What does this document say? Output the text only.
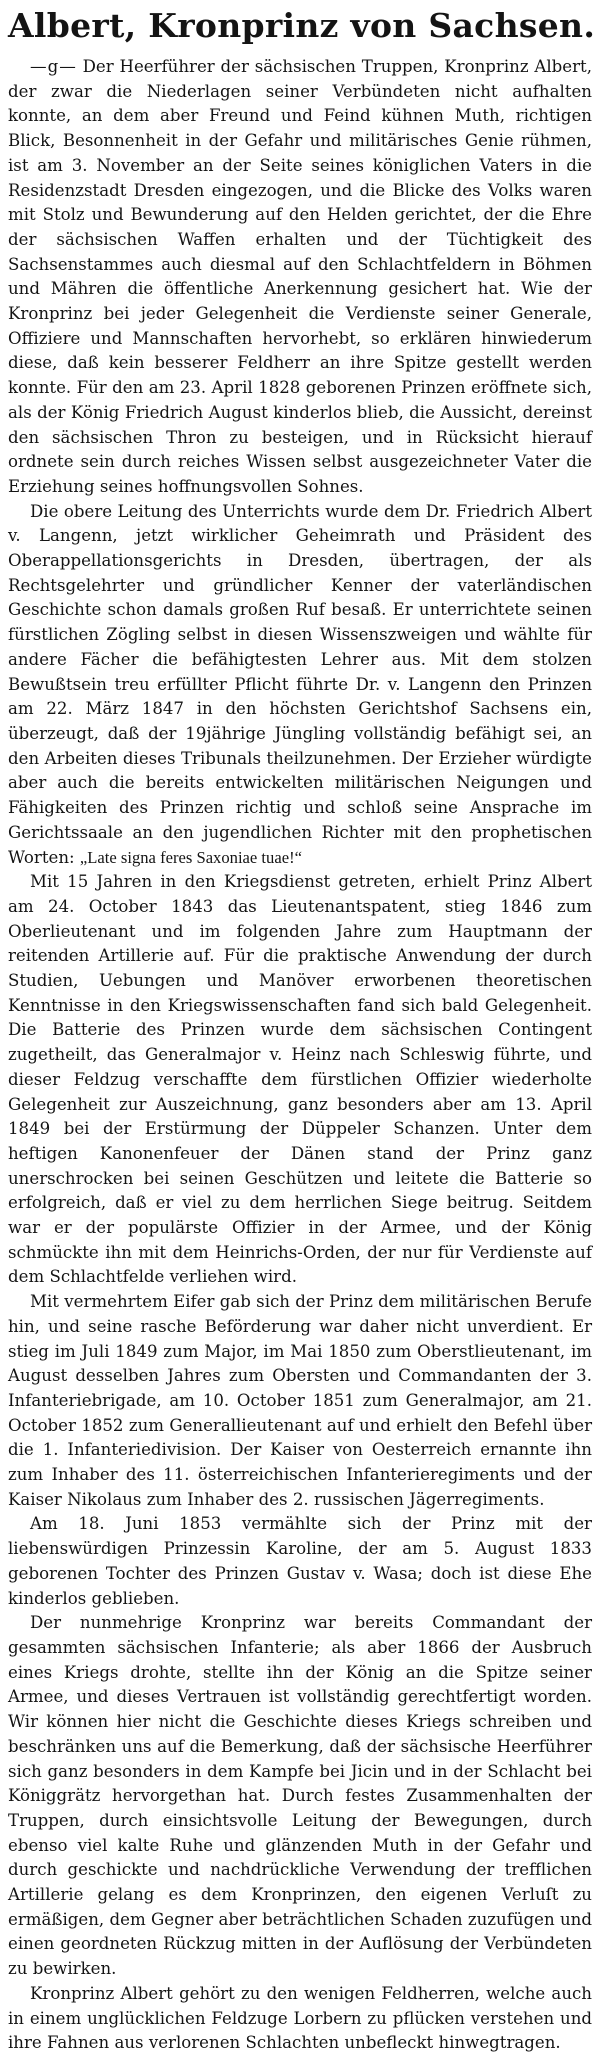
Albert, Kronprinz von Sachsen.

—g— Der Heerführer der sächsischen Truppen, Kronprinz Albert, der zwar die Niederlagen seiner Verbündeten nicht aufhalten konnte, an dem aber Freund und Feind kühnen Muth, richtigen Blick, Besonnenheit in der Gefahr und militärisches Genie rühmen, ist am 3. November an der Seite seines königlichen Vaters in die Residenzstadt Dresden eingezogen, und die Blicke des Volks waren mit Stolz und Bewunderung auf den Helden gerichtet, der die Ehre der sächsischen Waffen erhalten und der Tüchtigkeit des Sachsenstammes auch diesmal auf den Schlachtfeldern in Böhmen und Mähren die öffentliche Anerkennung gesichert hat. Wie der Kronprinz bei jeder Gelegenheit die Verdienste seiner Generale, Offiziere und Mannschaften hervorhebt, so erklären hinwiederum diese, daß kein besserer Feldherr an ihre Spitze gestellt werden konnte. Für den am 23. April 1828 geborenen Prinzen eröffnete sich, als der König Friedrich August kinderlos blieb, die Aussicht, dereinst den sächsischen Thron zu besteigen, und in Rücksicht hierauf ordnete sein durch reiches Wissen selbst ausgezeichneter Vater die Erziehung seines hoffnungsvollen Sohnes.

Die obere Leitung des Unterrichts wurde dem Dr. Friedrich Albert v. Langenn, jetzt wirklicher Geheimrath und Präsident des Oberappellationsgerichts in Dresden, übertragen, der als Rechtsgelehrter und gründlicher Kenner der vaterländischen Geschichte schon damals großen Ruf besaß. Er unterrichtete seinen fürstlichen Zögling selbst in diesen Wissenszweigen und wählte für andere Fächer die befähigtesten Lehrer aus. Mit dem stolzen Bewußtsein treu erfüllter Pflicht führte Dr. v. Langenn den Prinzen am 22. März 1847 in den höchsten Gerichtshof Sachsens ein, überzeugt, daß der 19jährige Jüngling vollständig befähigt sei, an den Arbeiten dieses Tribunals theilzunehmen. Der Erzieher würdigte aber auch die bereits entwickelten militärischen Neigungen und Fähigkeiten des Prinzen richtig und schloß seine Ansprache im Gerichtssaale an den jugendlichen Richter mit den prophetischen Worten: „Late signa feres Saxoniae tuae!“

Mit 15 Jahren in den Kriegsdienst getreten, erhielt Prinz Albert am 24. October 1843 das Lieutenantspatent, stieg 1846 zum Oberlieutenant und im folgenden Jahre zum Hauptmann der reitenden Artillerie auf. Für die praktische Anwendung der durch Studien, Uebungen und Manöver erworbenen theoretischen Kenntnisse in den Kriegswissenschaften fand sich bald Gelegenheit. Die Batterie des Prinzen wurde dem sächsischen Contingent zugetheilt, das Generalmajor v. Heinz nach Schleswig führte, und dieser Feldzug verschaffte dem fürstlichen Offizier wiederholte Gelegenheit zur Auszeichnung, ganz besonders aber am 13. April 1849 bei der Erstürmung der Düppeler Schanzen. Unter dem heftigen Kanonenfeuer der Dänen stand der Prinz ganz unerschrocken bei seinen Geschützen und leitete die Batterie so erfolgreich, daß er viel zu dem herrlichen Siege beitrug. Seitdem war er der populärste Offizier in der Armee, und der König schmückte ihn mit dem Heinrichs-Orden, der nur für Verdienste auf dem Schlachtfelde verliehen wird.

Mit vermehrtem Eifer gab sich der Prinz dem militärischen Berufe hin, und seine rasche Beförderung war daher nicht unverdient. Er stieg im Juli 1849 zum Major, im Mai 1850 zum Oberstlieutenant, im August desselben Jahres zum Obersten und Commandanten der 3. Infanteriebrigade, am 10. October 1851 zum Generalmajor, am 21. October 1852 zum Generallieutenant auf und erhielt den Befehl über die 1. Infanteriedivision. Der Kaiser von Oesterreich ernannte ihn zum Inhaber des 11. österreichischen Infanterieregiments und der Kaiser Nikolaus zum Inhaber des 2. russischen Jägerregiments.

Am 18. Juni 1853 vermählte sich der Prinz mit der liebenswürdigen Prinzessin Karoline, der am 5. August 1833 geborenen Tochter des Prinzen Gustav v. Wasa; doch ist diese Ehe kinderlos geblieben.

Der nunmehrige Kronprinz war bereits Commandant der gesammten sächsischen Infanterie; als aber 1866 der Ausbruch eines Kriegs drohte, stellte ihn der König an die Spitze seiner Armee, und dieses Vertrauen ist vollständig gerechtfertigt worden. Wir können hier nicht die Geschichte dieses Kriegs schreiben und beschränken uns auf die Bemerkung, daß der sächsische Heerführer sich ganz besonders in dem Kampfe bei Jicin und in der Schlacht bei Königgrätz hervorgethan hat. Durch festes Zusammenhalten der Truppen, durch einsichtsvolle Leitung der Bewegungen, durch ebenso viel kalte Ruhe und glänzenden Muth in der Gefahr und durch geschickte und nachdrückliche Verwendung der trefflichen Artillerie gelang es dem Kronprinzen, den eigenen Verluſt zu ermäßigen, dem Gegner aber beträchtlichen Schaden zuzufügen und einen geordneten Rückzug mitten in der Auflösung der Verbündeten zu bewirken.

Kronprinz Albert gehört zu den wenigen Feldherren, welche auch in einem unglücklichen Feldzuge Lorbern zu pflücken verstehen und ihre Fahnen aus verlorenen Schlachten unbefleckt hinwegtragen.
